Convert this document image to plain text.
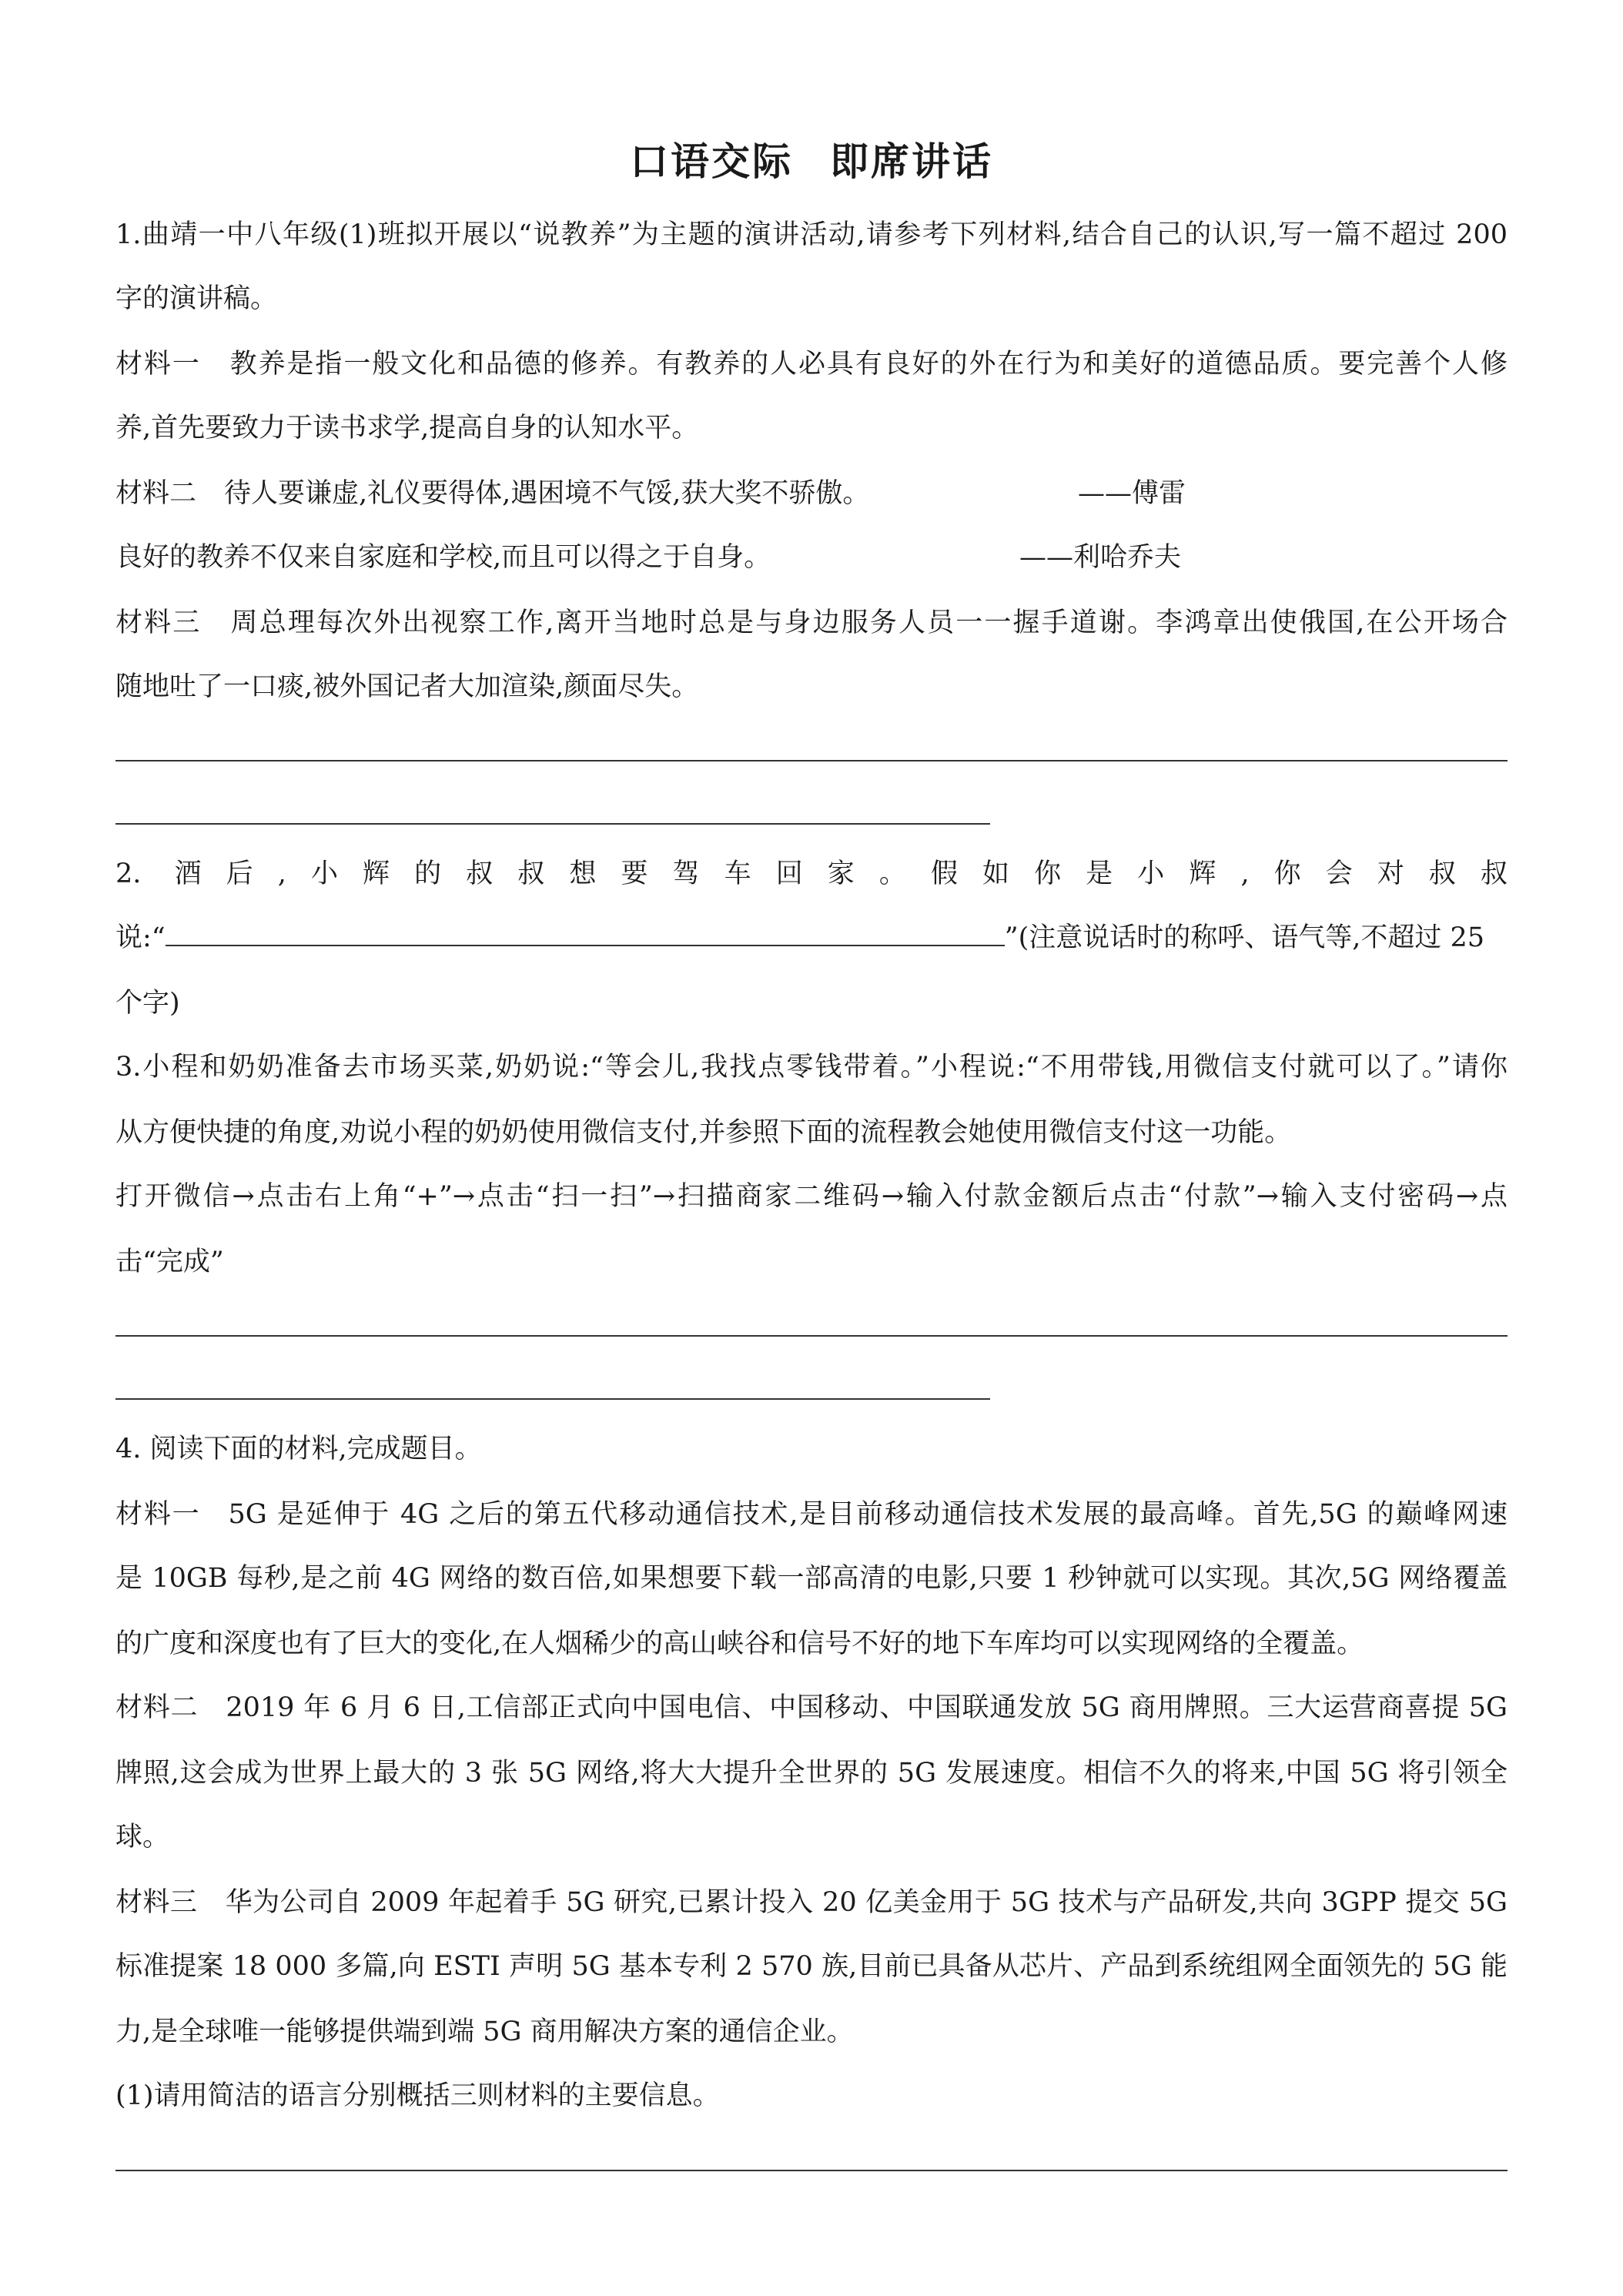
口语交际 即席讲话
1.曲靖一中八年级(1)班拟开展以“说教养”为主题的演讲活动,请参考下列材料,结合自己的认识,写一篇不超过 200
字的演讲稿。
材料一 教养是指一般文化和品德的修养。有教养的人必具有良好的外在行为和美好的道德品质。要完善个人修
养,首先要致力于读书求学,提高自身的认知水平。
材料二 待人要谦虚,礼仪要得体,遇困境不气馁,获大奖不骄傲。	——傅雷
良好的教养不仅来自家庭和学校,而且可以得之于自身。	——利哈乔夫
材料三 周总理每次外出视察工作,离开当地时总是与身边服务人员一一握手道谢。李鸿章出使俄国,在公开场合
随地吐了一口痰,被外国记者大加渲染,颜面尽失。
2. 酒后,小辉的叔叔想要驾车回家。假如你是小辉,你会对叔叔
说:“	”(注意说话时的称呼、语气等,不超过 25
个字)
3.小程和奶奶准备去市场买菜,奶奶说:“等会儿,我找点零钱带着。”小程说:“不用带钱,用微信支付就可以了。”请你
从方便快捷的角度,劝说小程的奶奶使用微信支付,并参照下面的流程教会她使用微信支付这一功能。
打开微信→点击右上角“+”→点击“扫一扫”→扫描商家二维码→输入付款金额后点击“付款”→输入支付密码→点
击“完成”
4. 阅读下面的材料,完成题目。
材料一 5G 是延伸于 4G 之后的第五代移动通信技术,是目前移动通信技术发展的最高峰。首先,5G 的巅峰网速
是 10GB 每秒,是之前 4G 网络的数百倍,如果想要下载一部高清的电影,只要 1 秒钟就可以实现。其次,5G 网络覆盖
的广度和深度也有了巨大的变化,在人烟稀少的高山峡谷和信号不好的地下车库均可以实现网络的全覆盖。
材料二 2019 年 6 月 6 日,工信部正式向中国电信、中国移动、中国联通发放 5G 商用牌照。三大运营商喜提 5G
牌照,这会成为世界上最大的 3 张 5G 网络,将大大提升全世界的 5G 发展速度。相信不久的将来,中国 5G 将引领全
球。
材料三 华为公司自 2009 年起着手 5G 研究,已累计投入 20 亿美金用于 5G 技术与产品研发,共向 3GPP 提交 5G
标准提案 18 000 多篇,向 ESTI 声明 5G 基本专利 2 570 族,目前已具备从芯片、产品到系统组网全面领先的 5G 能
力,是全球唯一能够提供端到端 5G 商用解决方案的通信企业。
(1)请用简洁的语言分别概括三则材料的主要信息。
